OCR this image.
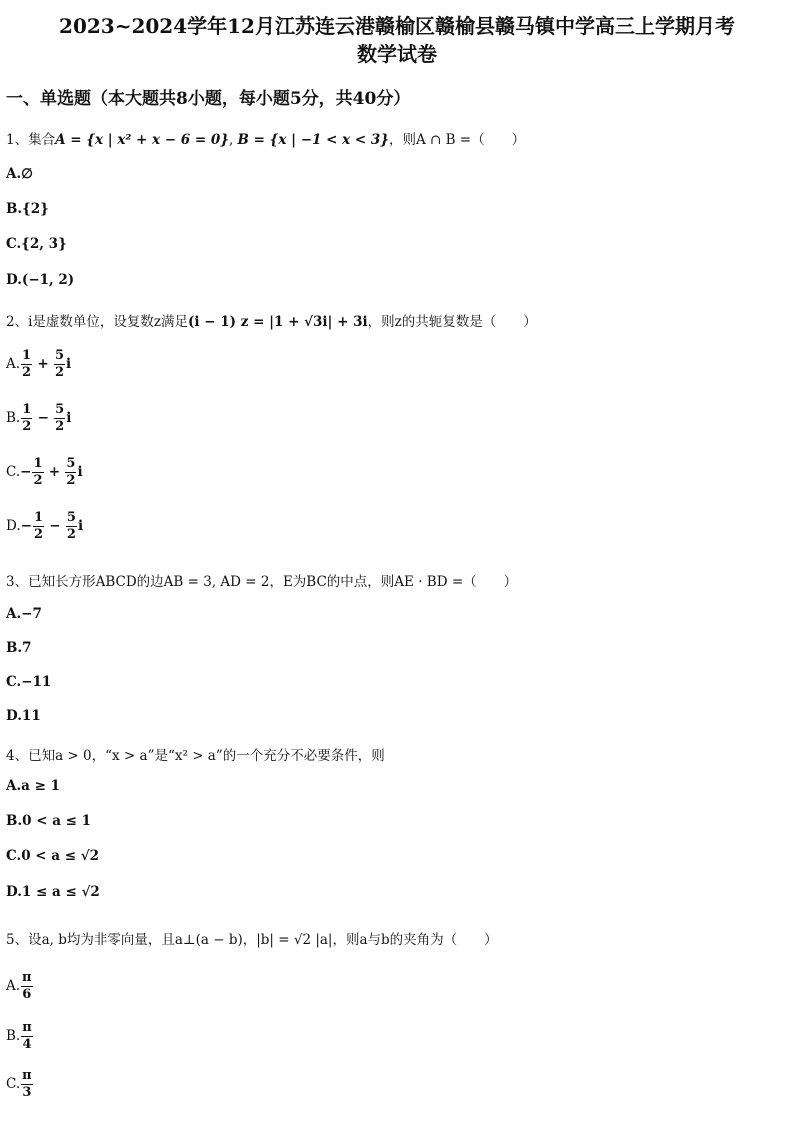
2023~2024学年12月江苏连云港赣榆区赣榆县赣马镇中学高三上学期月考
数学试卷
一、单选题（本大题共8小题，每小题5分，共40分）
1、集合A = {x | x² + x − 6 = 0}, B = {x | −1 < x < 3}，则A ∩ B =（　　）
A.∅
B.{2}
C.{2, 3}
D.(−1, 2)
2、i是虚数单位，设复数z满足(i − 1) z = |1 + √3i| + 3i，则z的共轭复数是（　　）
A. $\frac{1}{2} + \frac{5}{2}$ i
B. $\frac{1}{2} - \frac{5}{2}$ i
$C.- \frac{1}{2} + \frac{5}{2}$ i
$D.- \frac{1}{2} - \frac{5}{2}$ i
3、已知长方形ABCD的边AB = 3, AD = 2，E为BC的中点，则AE · BD =（　　）
A.−7
B.7
C.−11
D.11
4、已知a > 0，“x > a”是“x² > a”的一个充分不必要条件，则
A.a ≥ 1
B.0 < a ≤ 1
C.0 < a ≤ √2
D.1 ≤ a ≤ √2
5、设a, b均为非零向量，且a⊥(a − b)，|b| = √2 |a|，则a与b的夹角为（　　）
A. $\frac{\pi}{6}$
B. $\frac{\pi}{4}$
C. $\frac{\pi}{3}$
